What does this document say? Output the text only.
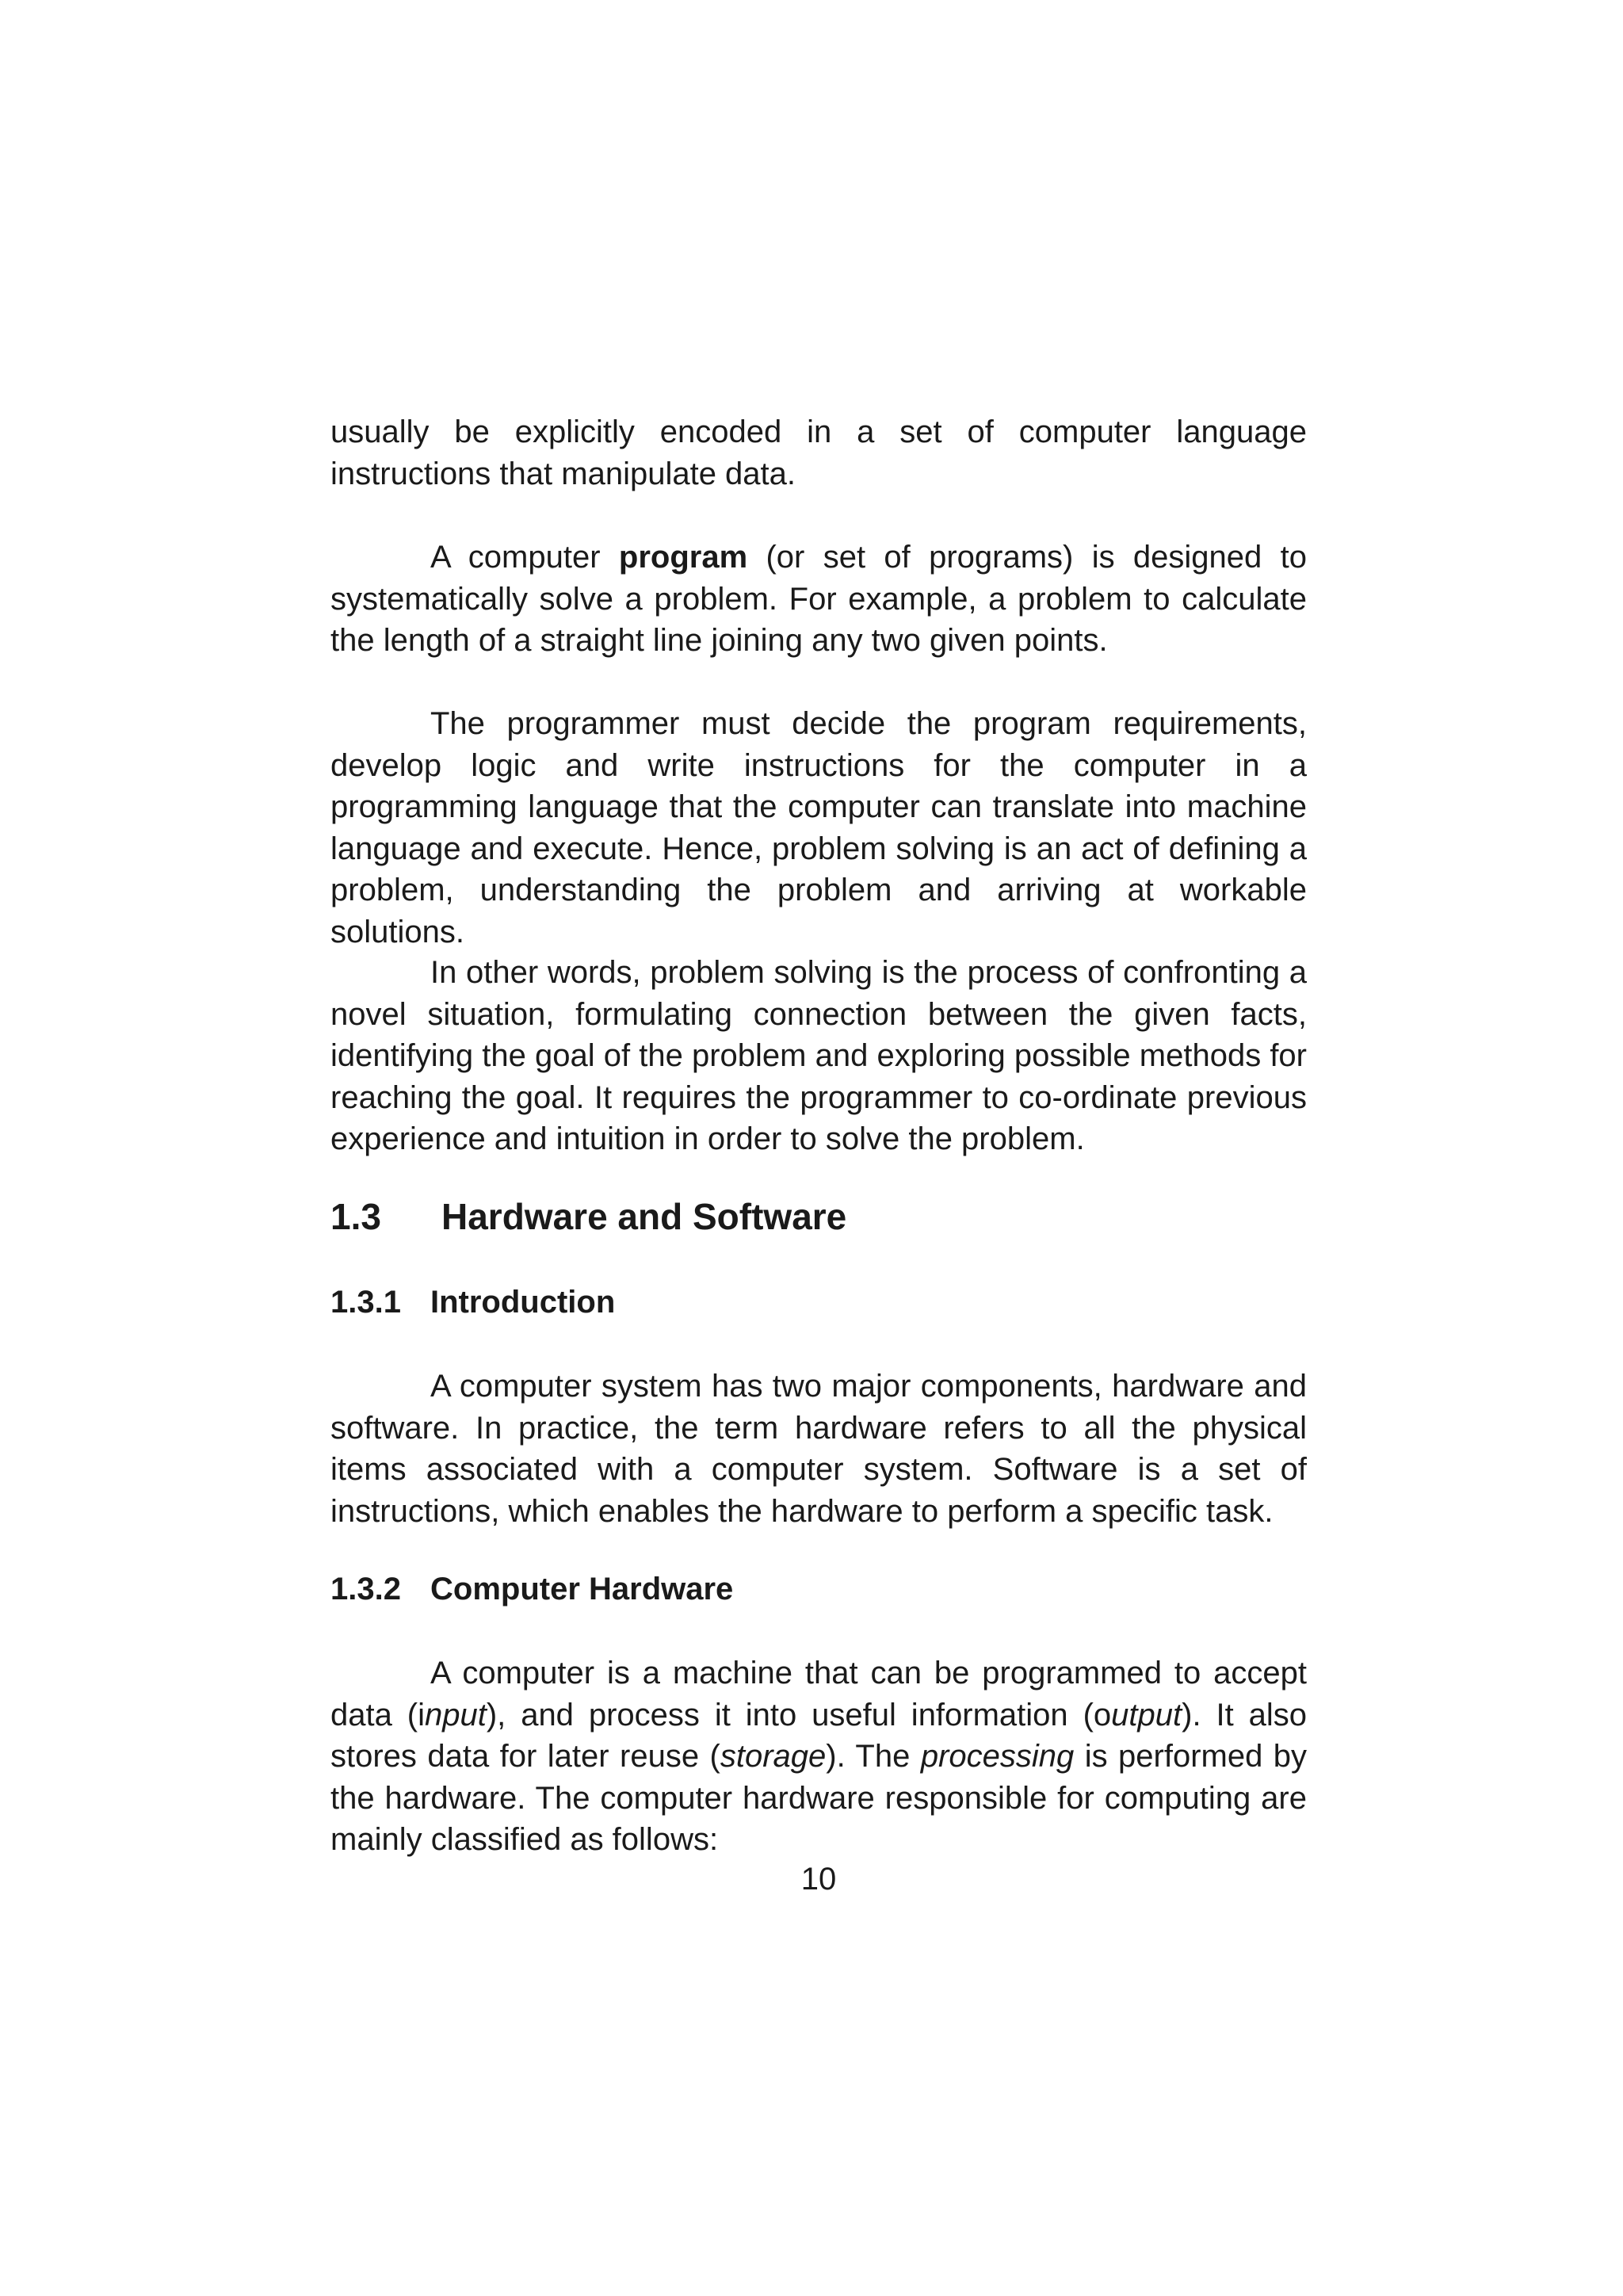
usually be explicitly encoded in a set of computer language instructions that manipulate data.

A computer program (or set of programs) is designed to systematically solve a problem. For example, a problem to calculate the length of a straight line joining any two given points.

The programmer must decide the program requirements, develop logic and write instructions for the computer in a programming language that the computer can translate into machine language and execute. Hence, problem solving is an act of defining a problem, understanding the problem and arriving at workable solutions.

In other words, problem solving is the process of confronting a novel situation, formulating connection between the given facts, identifying the goal of the problem and exploring possible methods for reaching the goal. It requires the programmer to co-ordinate previous experience and intuition in order to solve the problem.

1.3 Hardware and Software
1.3.1 Introduction

A computer system has two major components, hardware and software. In practice, the term hardware refers to all the physical items associated with a computer system. Software is a set of instructions, which enables the hardware to perform a specific task.

1.3.2 Computer Hardware

A computer is a machine that can be programmed to accept data (input), and process it into useful information (output). It also stores data for later reuse (storage). The processing is performed by the hardware. The computer hardware responsible for computing are mainly classified as follows:

10
